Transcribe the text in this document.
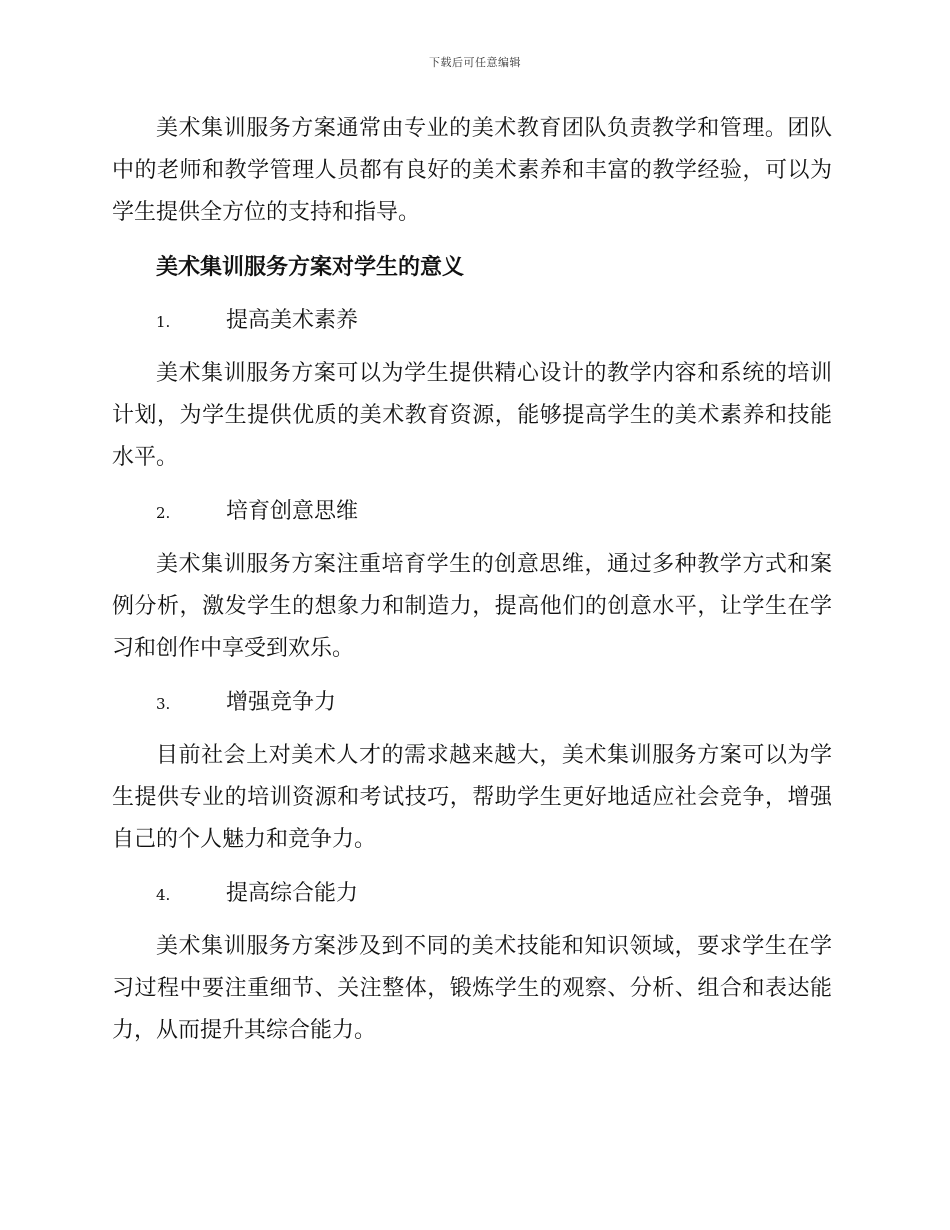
下载后可任意编辑

美术集训服务方案通常由专业的美术教育团队负责教学和管理。团队中的老师和教学管理人员都有良好的美术素养和丰富的教学经验，可以为学生提供全方位的支持和指导。

美术集训服务方案对学生的意义
1.	提高美术素养

美术集训服务方案可以为学生提供精心设计的教学内容和系统的培训计划，为学生提供优质的美术教育资源，能够提高学生的美术素养和技能水平。

2.	培育创意思维

美术集训服务方案注重培育学生的创意思维，通过多种教学方式和案例分析，激发学生的想象力和制造力，提高他们的创意水平，让学生在学习和创作中享受到欢乐。

3.	增强竞争力

目前社会上对美术人才的需求越来越大，美术集训服务方案可以为学生提供专业的培训资源和考试技巧，帮助学生更好地适应社会竞争，增强自己的个人魅力和竞争力。

4.	提高综合能力

美术集训服务方案涉及到不同的美术技能和知识领域，要求学生在学习过程中要注重细节、关注整体，锻炼学生的观察、分析、组合和表达能力，从而提升其综合能力。
